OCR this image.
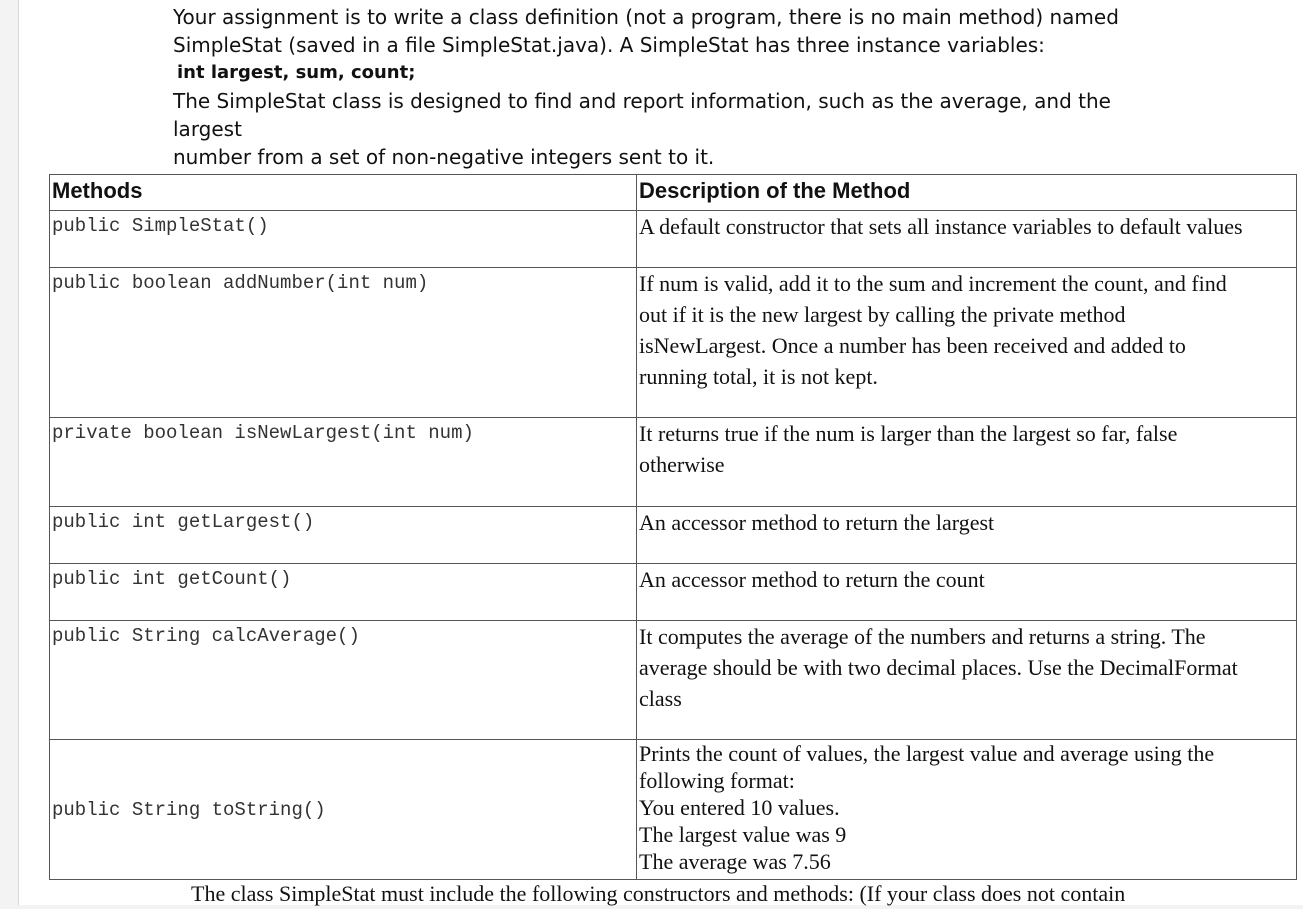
Your assignment is to write a class definition (not a program, there is no main method) named

SimpleStat (saved in a file SimpleStat.java). A SimpleStat has three instance variables:

int largest, sum, count;

The SimpleStat class is designed to find and report information, such as the average, and the largest

number from a set of non-negative integers sent to it.

Methods	Description of the Method
public SimpleStat()	A default constructor that sets all instance variables to default values

public boolean addNumber(int num)	If num is valid, add it to the sum and increment the count, and find
out if it is the new largest by calling the private method
isNewLargest. Once a number has been received and added to
running total, it is not kept.

private boolean isNewLargest(int num)	It returns true if the num is larger than the largest so far, false
otherwise

public int getLargest()	An accessor method to return the largest

public int getCount()	An accessor method to return the count

public String calcAverage()	It computes the average of the numbers and returns a string. The
average should be with two decimal places. Use the DecimalFormat
class

public String toString()	Prints the count of values, the largest value and average using the
following format:
You entered 10 values.
The largest value was 9
The average was 7.56
The class SimpleStat must include the following constructors and methods: (If your class does not contain
